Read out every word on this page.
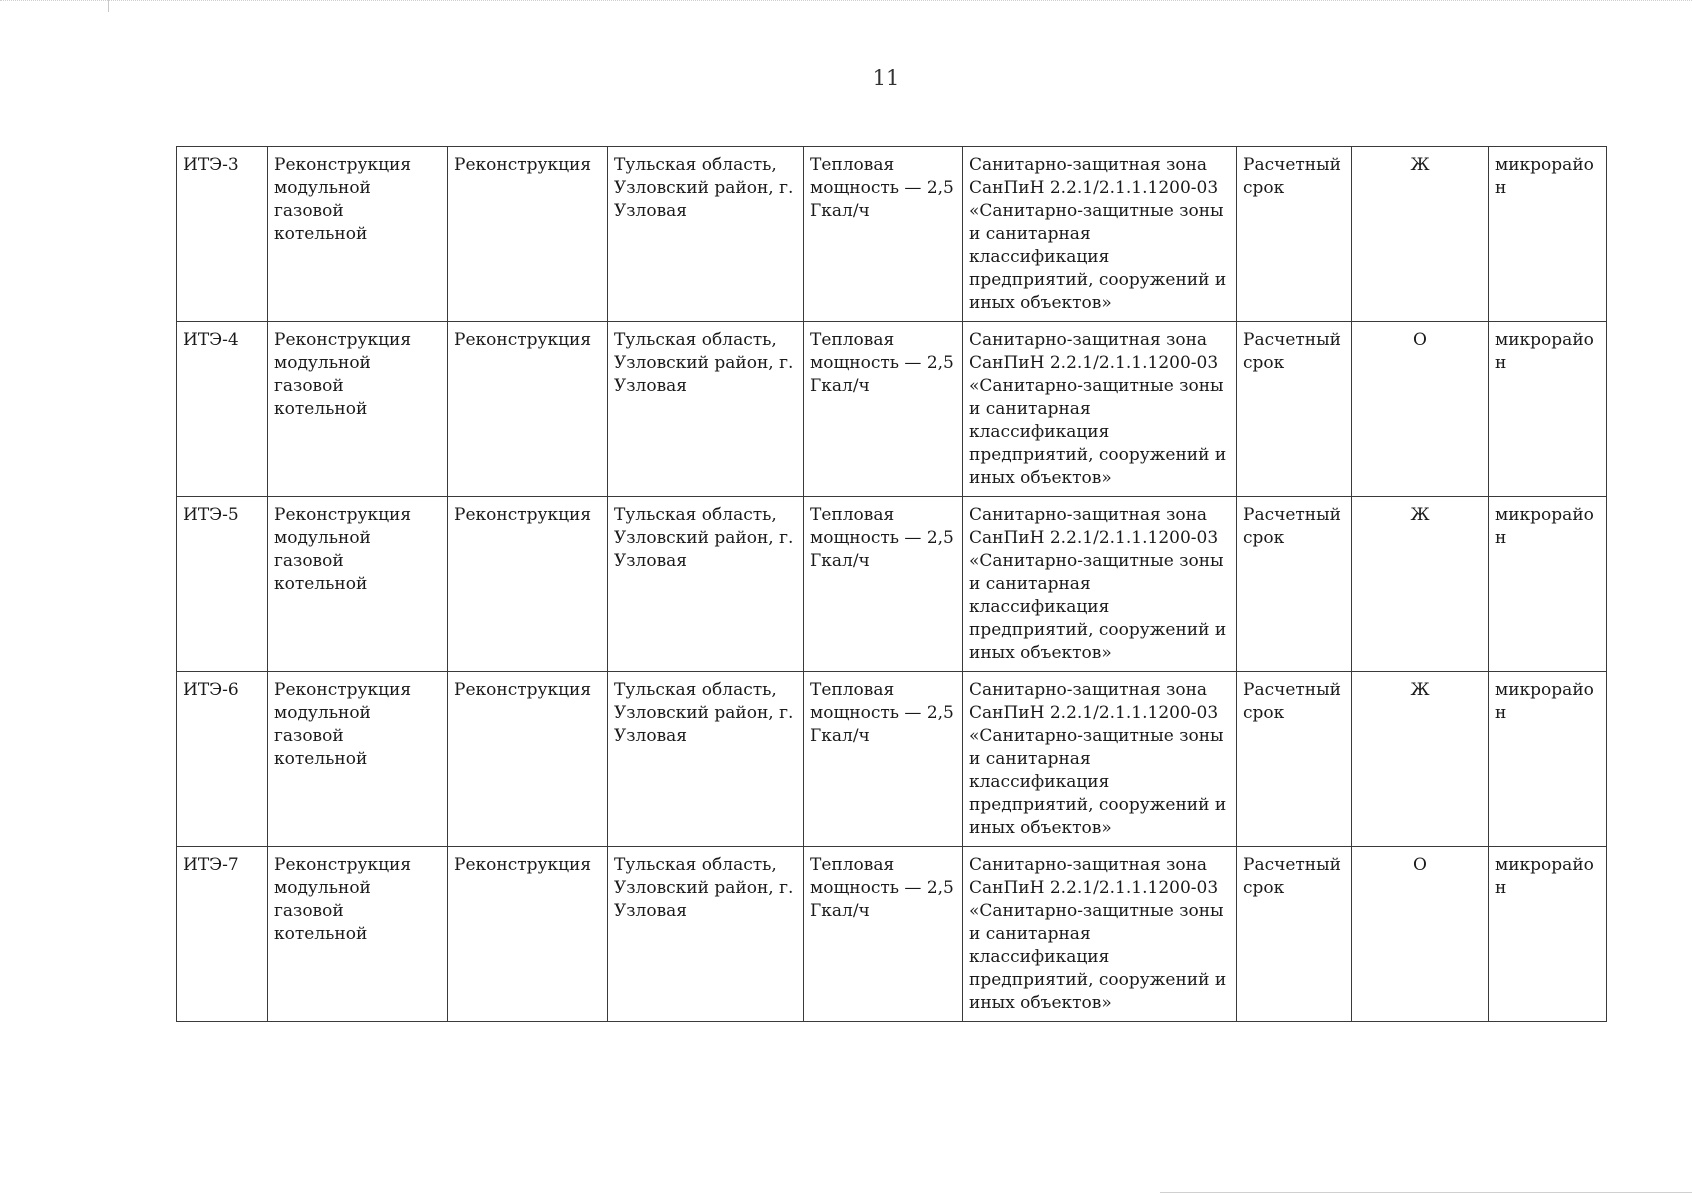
11
ИТЭ-3	Реконструкция модульной газовой котельной	Реконструкция	Тульская область, Узловский район, г. Узловая	Тепловая мощность — 2,5 Гкал/ч	Санитарно-защитная зона СанПиН 2.2.1/2.1.1.1200-03 «Санитарно-защитные зоны и санитарная классификация предприятий, сооружений и иных объектов»	Расчетный срок	Ж	микрорайон
ИТЭ-4	Реконструкция модульной газовой котельной	Реконструкция	Тульская область, Узловский район, г. Узловая	Тепловая мощность — 2,5 Гкал/ч	Санитарно-защитная зона СанПиН 2.2.1/2.1.1.1200-03 «Санитарно-защитные зоны и санитарная классификация предприятий, сооружений и иных объектов»	Расчетный срок	О	микрорайон
ИТЭ-5	Реконструкция модульной газовой котельной	Реконструкция	Тульская область, Узловский район, г. Узловая	Тепловая мощность — 2,5 Гкал/ч	Санитарно-защитная зона СанПиН 2.2.1/2.1.1.1200-03 «Санитарно-защитные зоны и санитарная классификация предприятий, сооружений и иных объектов»	Расчетный срок	Ж	микрорайон
ИТЭ-6	Реконструкция модульной газовой котельной	Реконструкция	Тульская область, Узловский район, г. Узловая	Тепловая мощность — 2,5 Гкал/ч	Санитарно-защитная зона СанПиН 2.2.1/2.1.1.1200-03 «Санитарно-защитные зоны и санитарная классификация предприятий, сооружений и иных объектов»	Расчетный срок	Ж	микрорайон
ИТЭ-7	Реконструкция модульной газовой котельной	Реконструкция	Тульская область, Узловский район, г. Узловая	Тепловая мощность — 2,5 Гкал/ч	Санитарно-защитная зона СанПиН 2.2.1/2.1.1.1200-03 «Санитарно-защитные зоны и санитарная классификация предприятий, сооружений и иных объектов»	Расчетный срок	О	микрорайон
